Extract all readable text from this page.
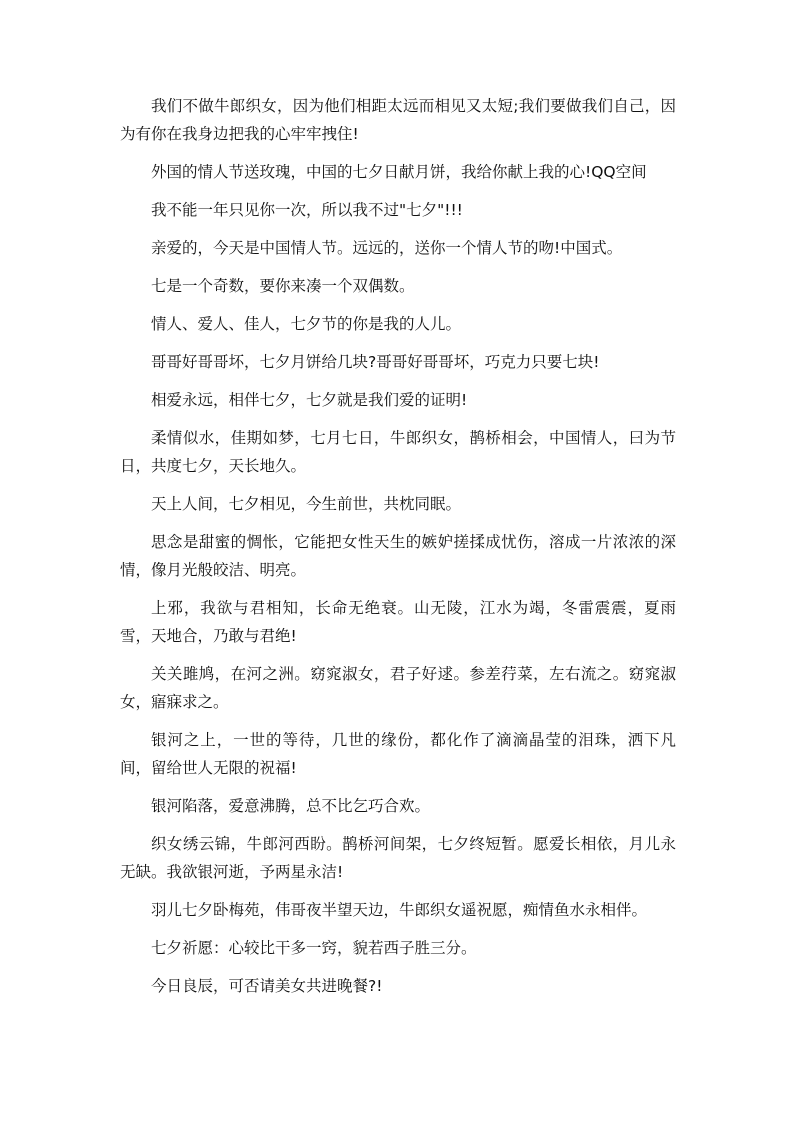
我们不做牛郎织女，因为他们相距太远而相见又太短;我们要做我们自己，因为有你在我身边把我的心牢牢拽住!

外国的情人节送玫瑰，中国的七夕日献月饼，我给你献上我的心!QQ空间

我不能一年只见你一次，所以我不过"七夕"!!!

亲爱的，今天是中国情人节。远远的，送你一个情人节的吻!中国式。

七是一个奇数，要你来凑一个双偶数。

情人、爱人、佳人，七夕节的你是我的人儿。

哥哥好哥哥坏，七夕月饼给几块?哥哥好哥哥坏，巧克力只要七块!

相爱永远，相伴七夕，七夕就是我们爱的证明!

柔情似水，佳期如梦，七月七日，牛郎织女，鹊桥相会，中国情人，曰为节日，共度七夕，天长地久。

天上人间，七夕相见，今生前世，共枕同眠。

思念是甜蜜的惆怅，它能把女性天生的嫉妒搓揉成忧伤，溶成一片浓浓的深情，像月光般皎洁、明亮。

上邪，我欲与君相知，长命无绝衰。山无陵，江水为竭，冬雷震震，夏雨雪，天地合，乃敢与君绝!

关关雎鸠，在河之洲。窈窕淑女，君子好逑。参差荇菜，左右流之。窈窕淑女，寤寐求之。

银河之上，一世的等待，几世的缘份，都化作了滴滴晶莹的泪珠，洒下凡间，留给世人无限的祝福!

银河陷落，爱意沸腾，总不比乞巧合欢。

织女绣云锦，牛郎河西盼。鹊桥河间架，七夕终短暂。愿爱长相依，月儿永无缺。我欲银河逝，予两星永洁!

羽儿七夕卧梅苑，伟哥夜半望天边，牛郎织女遥祝愿，痴情鱼水永相伴。

七夕祈愿：心较比干多一窍，貌若西子胜三分。

今日良辰，可否请美女共进晚餐?!
